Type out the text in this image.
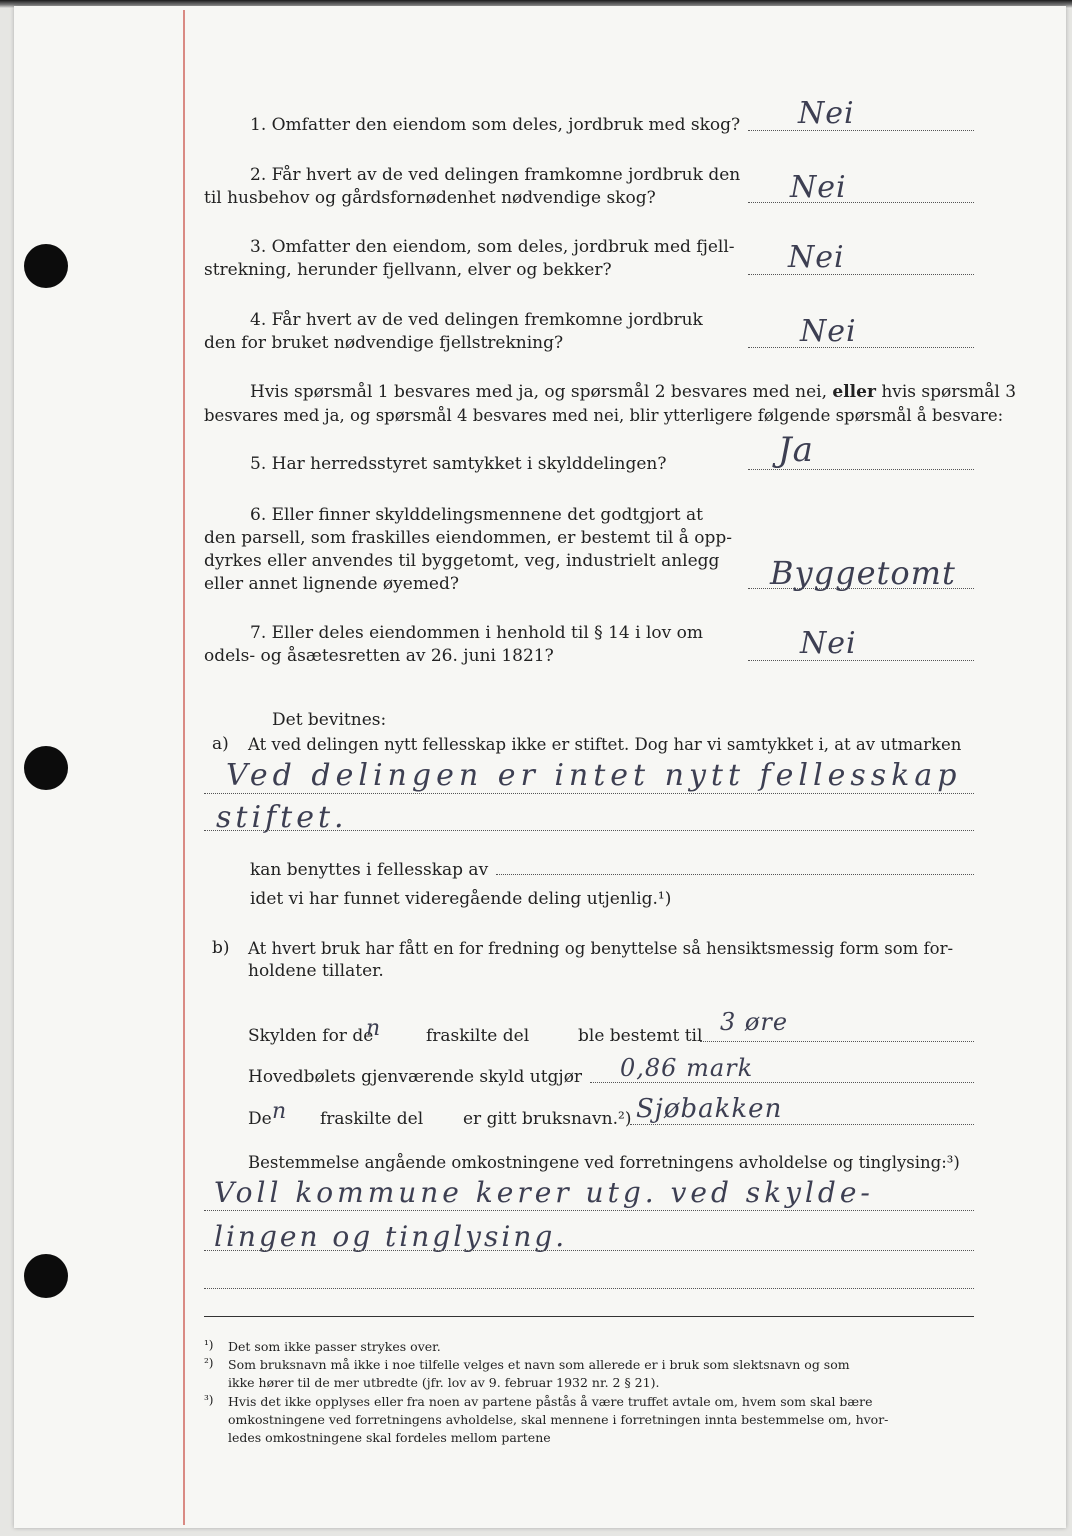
1. Omfatter den eiendom som deles, jordbruk med skog? Nei
2. Får hvert av de ved delingen framkomne jordbruk den
til husbehov og gårdsfornødenhet nødvendige skog?	Nei
3. Omfatter den eiendom, som deles, jordbruk med fjell-
strekning, herunder fjellvann, elver og bekker?	Nei
4. Får hvert av de ved delingen fremkomne jordbruk
den for bruket nødvendige fjellstrekning?	Nei
Hvis spørsmål 1 besvares med ja, og spørsmål 2 besvares med nei, eller hvis spørsmål 3
besvares med ja, og spørsmål 4 besvares med nei, blir ytterligere følgende spørsmål å besvare:
5. Har herredsstyret samtykket i skylddelingen?	Ja
6. Eller finner skylddelingsmennene det godtgjort at
den parsell, som fraskilles eiendommen, er bestemt til å opp-
dyrkes eller anvendes til byggetomt, veg, industrielt anlegg
eller annet lignende øyemed?	Byggetomt
7. Eller deles eiendommen i henhold til § 14 i lov om
odels- og åsætesretten av 26. juni 1821?	Nei
Det bevitnes:
a) At ved delingen nytt fellesskap ikke er stiftet. Dog har vi samtykket i, at av utmarken
Ved delingen er intet nytt fellesskap
stiftet.
kan benyttes i fellesskap av
idet vi har funnet videregående deling utjenlig.¹)
b) At hvert bruk har fått en for fredning og benyttelse så hensiktsmessig form som for-
holdene tillater.
Skylden for de
n	fraskilte del	ble bestemt til 3 øre
Hovedbølets gjenværende skyld utgjør 0,86 mark
De n fraskilte del er gitt bruksnavn.²) Sjøbakken
Bestemmelse angående omkostningene ved forretningens avholdelse og tinglysing:³)
Voll kommune kerer utg. ved skylde-
lingen og tinglysing.
¹) Det som ikke passer strykes over.
²) Som bruksnavn må ikke i noe tilfelle velges et navn som allerede er i bruk som slektsnavn og som
ikke hører til de mer utbredte (jfr. lov av 9. februar 1932 nr. 2 § 21).
³) Hvis det ikke opplyses eller fra noen av partene påstås å være truffet avtale om, hvem som skal bære
omkostningene ved forretningens avholdelse, skal mennene i forretningen innta bestemmelse om, hvor-
ledes omkostningene skal fordeles mellom partene
